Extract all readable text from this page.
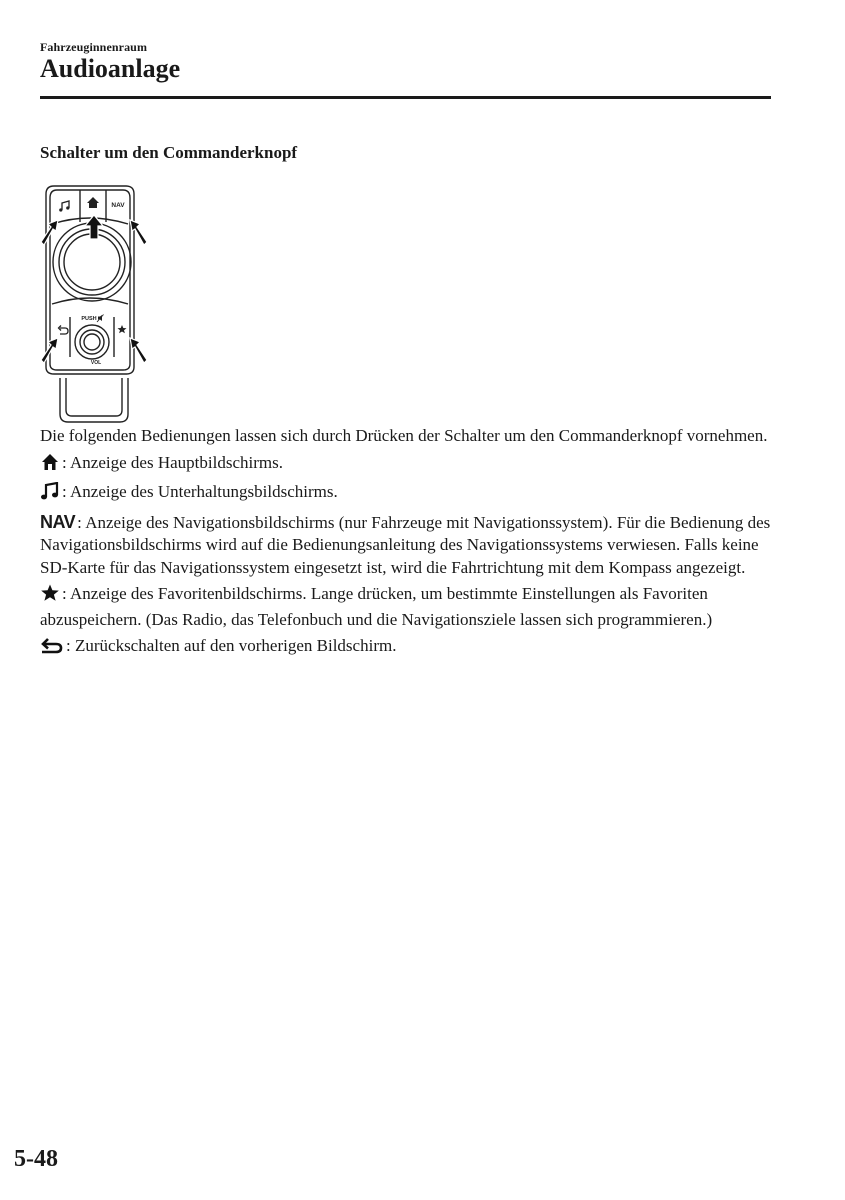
Fahrzeuginnenraum
Audioanlage
Schalter um den Commanderknopf
NAV
PUSH
VOL

Die folgenden Bedienungen lassen sich durch Drücken der Schalter um den Commanderknopf vornehmen.

: Anzeige des Hauptbildschirms.

: Anzeige des Unterhaltungsbildschirms.

NAV : Anzeige des Navigationsbildschirms (nur Fahrzeuge mit Navigationssystem). Für die Bedienung des Navigationsbildschirms wird auf die Bedienungsanleitung des Navigationssystems verwiesen. Falls keine SD-Karte für das Navigationssystem eingesetzt ist, wird die Fahrtrichtung mit dem Kompass angezeigt.

: Anzeige des Favoritenbildschirms. Lange drücken, um bestimmte Einstellungen als Favoriten abzuspeichern. (Das Radio, das Telefonbuch und die Navigationsziele lassen sich programmieren.)

: Zurückschalten auf den vorherigen Bildschirm.

5-48
